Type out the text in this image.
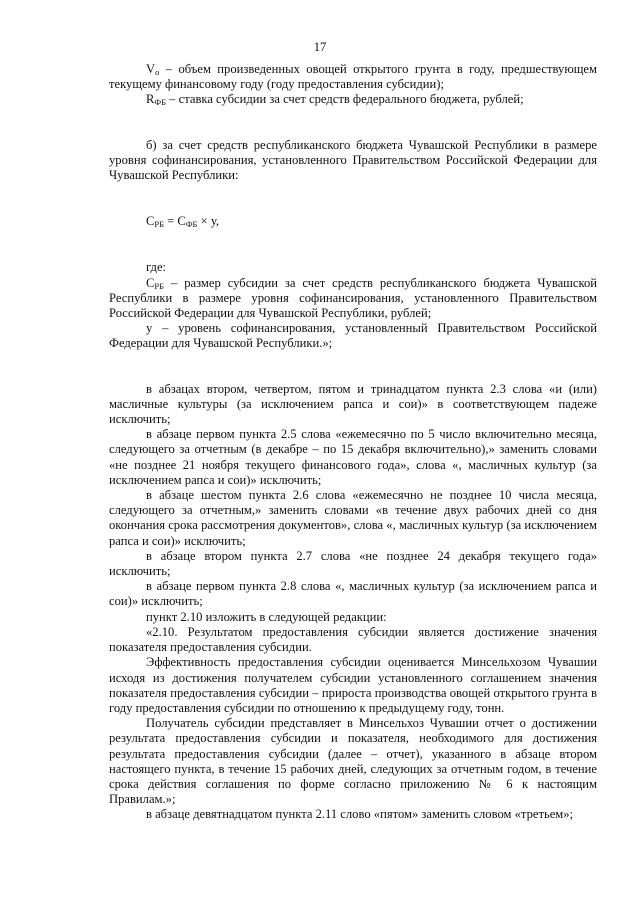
17

$V_о$ – объем произведенных овощей открытого грунта в году, предшествующем текущему финансовому году (году предоставления субсидии);

$R_{ФБ}$ – ставка субсидии за счет средств федерального бюджета, рублей;

б) за счет средств республиканского бюджета Чувашской Республики в размере уровня софинансирования, установленного Правительством Российской Федерации для Чувашской Республики:

$С_{РБ} = С_{ФБ} \times у$,

где:

$С_{РБ}$ – размер субсидии за счет средств республиканского бюджета Чувашской Республики в размере уровня софинансирования, установленного Правительством Российской Федерации для Чувашской Республики, рублей;

у – уровень софинансирования, установленный Правительством Российской Федерации для Чувашской Республики.»;

в абзацах втором, четвертом, пятом и тринадцатом пункта 2.3 слова «и (или) масличные культуры (за исключением рапса и сои)» в соответствующем падеже исключить;

в абзаце первом пункта 2.5 слова «ежемесячно по 5 число включительно месяца, следующего за отчетным (в декабре – по 15 декабря включительно),» заменить словами «не позднее 21 ноября текущего финансового года», слова «, масличных культур (за исключением рапса и сои)» исключить;

в абзаце шестом пункта 2.6 слова «ежемесячно не позднее 10 числа месяца, следующего за отчетным,» заменить словами «в течение двух рабочих дней со дня окончания срока рассмотрения документов», слова «, масличных культур (за исключением рапса и сои)» исключить;

в абзаце втором пункта 2.7 слова «не позднее 24 декабря текущего года» исключить;

в абзаце первом пункта 2.8 слова «, масличных культур (за исключением рапса и сои)» исключить;

пункт 2.10 изложить в следующей редакции:

«2.10. Результатом предоставления субсидии является достижение значения показателя предоставления субсидии.

Эффективность предоставления субсидии оценивается Минсельхозом Чувашии исходя из достижения получателем субсидии установленного соглашением значения показателя предоставления субсидии – прироста производства овощей открытого грунта в году предоставления субсидии по отношению к предыдущему году, тонн.

Получатель субсидии представляет в Минсельхоз Чувашии отчет о достижении результата предоставления субсидии и показателя, необходимого для достижения результата предоставления субсидии (далее – отчет), указанного в абзаце втором настоящего пункта, в течение 15 рабочих дней, следующих за отчетным годом, в течение срока действия соглашения по форме согласно приложению № 6 к настоящим Правилам.»;

в абзаце девятнадцатом пункта 2.11 слово «пятом» заменить словом «третьем»;
